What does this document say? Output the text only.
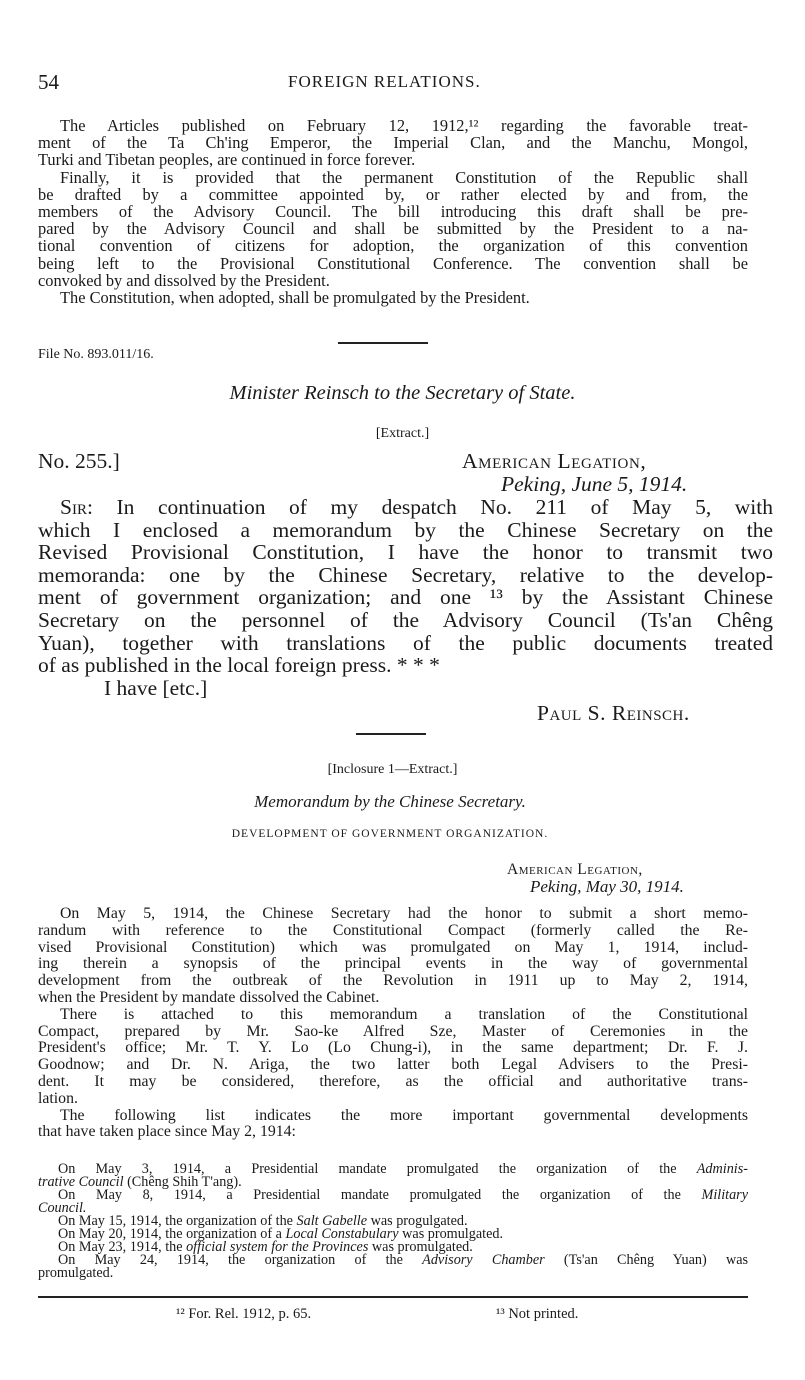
54	FOREIGN RELATIONS.
The Articles published on February 12, 1912,¹² regarding the favorable treat-
ment of the Ta Ch'ing Emperor, the Imperial Clan, and the Manchu, Mongol,
Turki and Tibetan peoples, are continued in force forever.
Finally, it is provided that the permanent Constitution of the Republic shall
be drafted by a committee appointed by, or rather elected by and from, the
members of the Advisory Council. The bill introducing this draft shall be pre-
pared by the Advisory Council and shall be submitted by the President to a na-
tional convention of citizens for adoption, the organization of this convention
being left to the Provisional Constitutional Conference. The convention shall be
convoked by and dissolved by the President.
The Constitution, when adopted, shall be promulgated by the President.
File No. 893.011/16.
Minister Reinsch to the Secretary of State.
[Extract.]
No. 255.]	American Legation,
Peking, June 5, 1914.
Sir: In continuation of my despatch No. 211 of May 5, with
which I enclosed a memorandum by the Chinese Secretary on the
Revised Provisional Constitution, I have the honor to transmit two
memoranda: one by the Chinese Secretary, relative to the develop-
ment of government organization; and one ¹³ by the Assistant Chinese
Secretary on the personnel of the Advisory Council (Ts'an Chêng
Yuan), together with translations of the public documents treated
of as published in the local foreign press. * * *
I have [etc.]
Paul S. Reinsch.
[Inclosure 1—Extract.]
Memorandum by the Chinese Secretary.
DEVELOPMENT OF GOVERNMENT ORGANIZATION.
American Legation,
Peking, May 30, 1914.
On May 5, 1914, the Chinese Secretary had the honor to submit a short memo-
randum with reference to the Constitutional Compact (formerly called the Re-
vised Provisional Constitution) which was promulgated on May 1, 1914, includ-
ing therein a synopsis of the principal events in the way of governmental
development from the outbreak of the Revolution in 1911 up to May 2, 1914,
when the President by mandate dissolved the Cabinet.
There is attached to this memorandum a translation of the Constitutional
Compact, prepared by Mr. Sao-ke Alfred Sze, Master of Ceremonies in the
President's office; Mr. T. Y. Lo (Lo Chung-i), in the same department; Dr. F. J.
Goodnow; and Dr. N. Ariga, the two latter both Legal Advisers to the Presi-
dent. It may be considered, therefore, as the official and authoritative trans-
lation.
The following list indicates the more important governmental developments
that have taken place since May 2, 1914:
On May 3, 1914, a Presidential mandate promulgated the organization of the Adminis-
trative Council (Chêng Shih T'ang).
On May 8, 1914, a Presidential mandate promulgated the organization of the Military
Council.
On May 15, 1914, the organization of the Salt Gabelle was progulgated.
On May 20, 1914, the organization of a Local Constabulary was promulgated.
On May 23, 1914, the official system for the Provinces was promulgated.
On May 24, 1914, the organization of the Advisory Chamber (Ts'an Chêng Yuan) was
promulgated.
¹² For. Rel. 1912, p. 65.	¹³ Not printed.
